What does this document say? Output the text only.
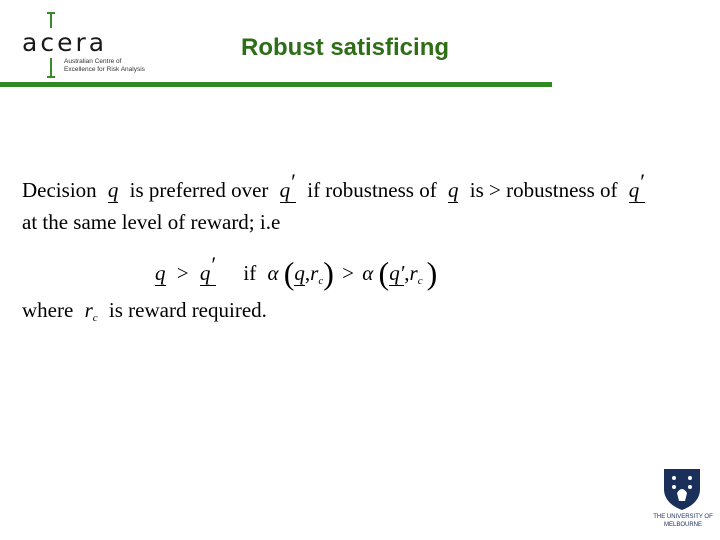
acera
Australian Centre of
Excellence for Risk Analysis
Robust satisficing
Decision q is preferred over q′ if robustness of q is > robustness of q′
at the same level of reward; i.e
q > q′ if α $(q,r_c) > \alpha$ ($q',r_c$ )
where $r_c$ is reward required.
THE UNIVERSITY OF
MELBOURNE
